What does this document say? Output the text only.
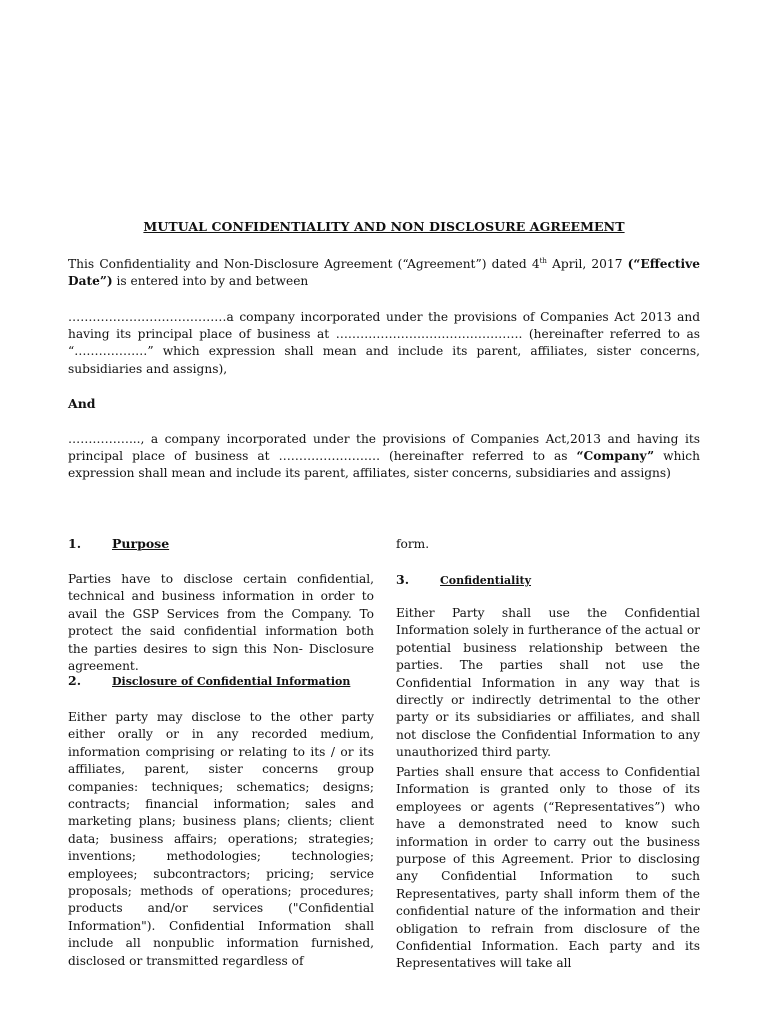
MUTUAL CONFIDENTIALITY AND NON DISCLOSURE AGREEMENT
This Confidentiality and Non-Disclosure Agreement (“Agreement”) dated 4th April, 2017 (“Effective Date”) is entered into by and between
…………………………………a company incorporated under the provisions of Companies Act 2013 and having its principal place of business at ………………………………………. (hereinafter referred to as “………………” which expression shall mean and include its parent, affiliates, sister concerns, subsidiaries and assigns),
And
……………..., a company incorporated under the provisions of Companies Act,2013 and having its principal place of business at ……………………. (hereinafter referred to as “Company” which expression shall mean and include its parent, affiliates, sister concerns, subsidiaries and assigns)
1. Purpose
Parties have to disclose certain confidential, technical and business information in order to avail the GSP Services from the Company. To protect the said confidential information both the parties desires to sign this Non- Disclosure agreement.
2.	Disclosure of Confidential Information
Either party may disclose to the other party either orally or in any recorded medium, information comprising or relating to its / or its affiliates, parent, sister concerns group companies: techniques; schematics; designs; contracts; financial information; sales and marketing plans; business plans; clients; client data; business affairs; operations; strategies; inventions; methodologies; technologies; employees; subcontractors; pricing; service proposals; methods of operations; procedures; products and/or services ("Confidential Information"). Confidential Information shall include all nonpublic information furnished, disclosed or transmitted regardless of
form.
3.	Confidentiality
Either Party shall use the Confidential Information solely in furtherance of the actual or potential business relationship between the parties. The parties shall not use the Confidential Information in any way that is directly or indirectly detrimental to the other party or its subsidiaries or affiliates, and shall not disclose the Confidential Information to any unauthorized third party.
Parties shall ensure that access to Confidential Information is granted only to those of its employees or agents (“Representatives”) who have a demonstrated need to know such information in order to carry out the business purpose of this Agreement. Prior to disclosing any Confidential Information to such Representatives, party shall inform them of the confidential nature of the information and their obligation to refrain from disclosure of the Confidential Information. Each party and its Representatives will take all
